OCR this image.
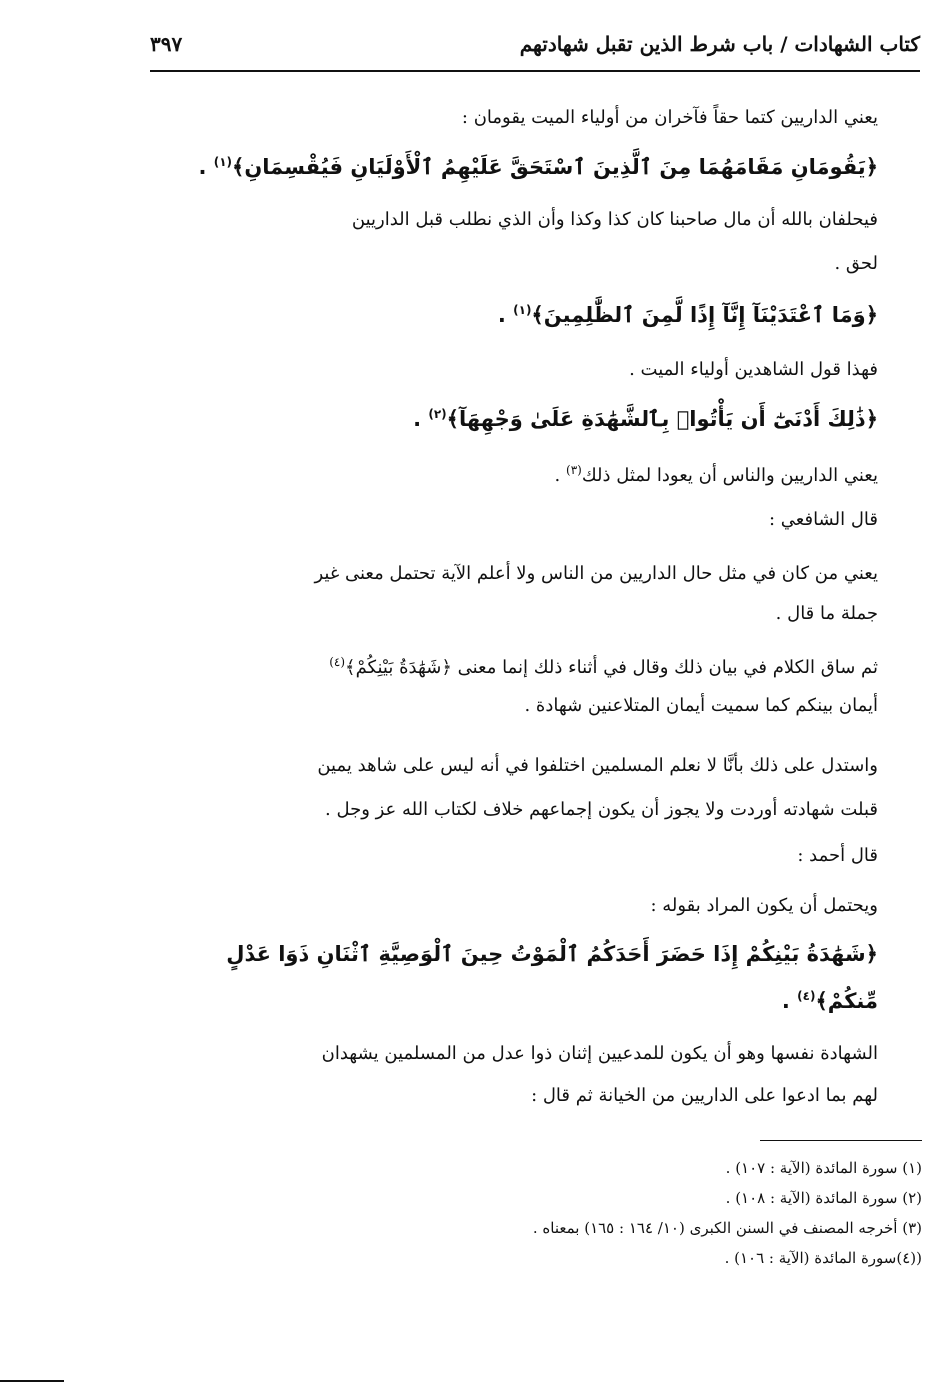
كتاب الشهادات / باب شرط الذين تقبل شهادتهم
٣٩٧
يعني الداريين كتما حقاً فآخران من أولياء الميت يقومان :
﴿يَقُومَانِ مَقَامَهُمَا مِنَ ٱلَّذِينَ ٱسْتَحَقَّ عَلَيْهِمُ ٱلْأَوْلَيَانِ فَيُقْسِمَانِ﴾$^{(١)}$ .
فيحلفان بالله أن مال صاحبنا كان كذا وكذا وأن الذي نطلب قبل الداريين
لحق .
﴿وَمَا ٱعْتَدَيْنَآ إِنَّآ إِذًا لَّمِنَ ٱلظَّٰلِمِينَ﴾$^{(١)}$ .
فهذا قول الشاهدين أولياء الميت .
﴿ذَٰلِكَ أَدْنَىٰٓ أَن يَأْتُوا۟ بِٱلشَّهَٰدَةِ عَلَىٰ وَجْهِهَآ﴾$^{(٢)}$ .
يعني الداريين والناس أن يعودا لمثل ذلك$^{(٣)}$ .
قال الشافعي :
يعني من كان في مثل حال الداريين من الناس ولا أعلم الآية تحتمل معنى غير
جملة ما قال .
ثم ساق الكلام في بيان ذلك وقال في أثناء ذلك إنما معنى ﴿شَهَٰدَةُ بَيْنِكُمْ﴾$^{(٤)}$
أيمان بينكم كما سميت أيمان المتلاعنين شهادة .
واستدل على ذلك بأنَّا لا نعلم المسلمين اختلفوا في أنه ليس على شاهد يمين
قبلت شهادته أوردت ولا يجوز أن يكون إجماعهم خلاف لكتاب الله عز وجل .
قال أحمد :
ويحتمل أن يكون المراد بقوله :
﴿شَهَٰدَةُ بَيْنِكُمْ إِذَا حَضَرَ أَحَدَكُمُ ٱلْمَوْتُ حِينَ ٱلْوَصِيَّةِ ٱثْنَانِ ذَوَا عَدْلٍ
مِّنكُمْ﴾$^{(٤)}$ .
الشهادة نفسها وهو أن يكون للمدعيين إثنان ذوا عدل من المسلمين يشهدان
لهم بما ادعوا على الداريين من الخيانة ثم قال :
(١) سورة المائدة (الآية : ١٠٧) .
(٢) سورة المائدة (الآية : ١٠٨) .
(٣) أخرجه المصنف في السنن الكبرى (١٠/ ١٦٤ : ١٦٥) بمعناه .
((٤)سورة المائدة (الآية : ١٠٦) .
